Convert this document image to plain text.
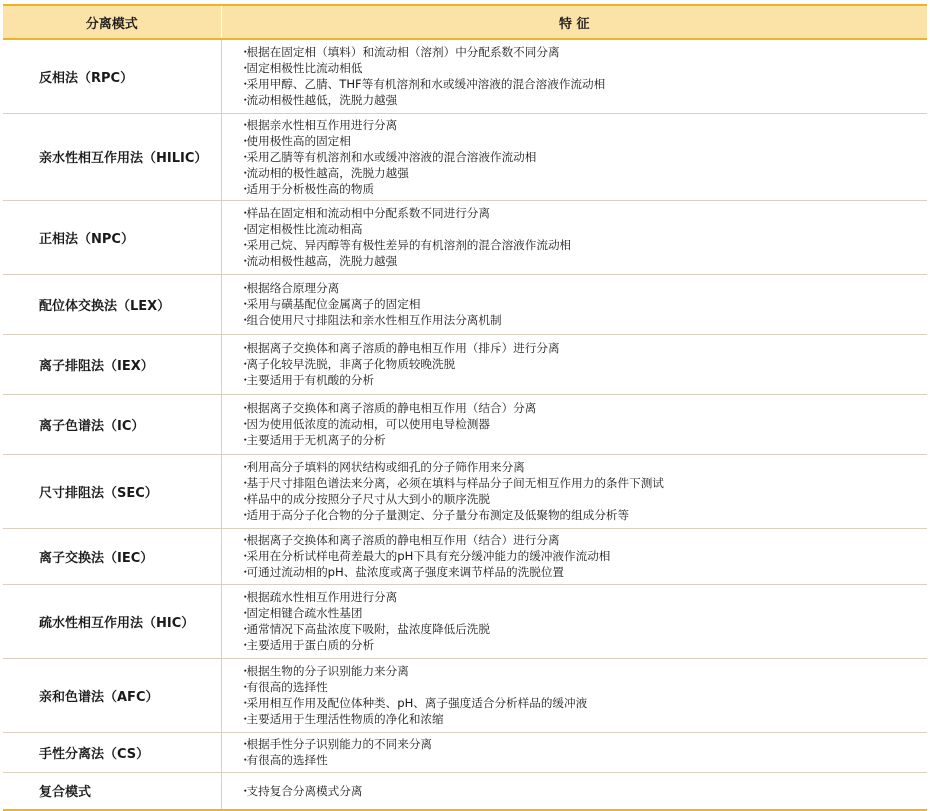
分离模式	特 征
反相法（RPC）	・ 根据在固定相（填料）和流动相（溶剂）中分配系数不同分离
・ 固定相极性比流动相低
・ 采用甲醇、乙腈、THF等有机溶剂和水或缓冲溶液的混合溶液作流动相
・ 流动相极性越低，洗脱力越强

亲水性相互作用法（HILIC）	・ 根据亲水性相互作用进行分离
・ 使用极性高的固定相
・ 采用乙腈等有机溶剂和水或缓冲溶液的混合溶液作流动相
・ 流动相的极性越高，洗脱力越强
・ 适用于分析极性高的物质

正相法（NPC）	・ 样品在固定相和流动相中分配系数不同进行分离
・ 固定相极性比流动相高
・ 采用己烷、异丙醇等有极性差异的有机溶剂的混合溶液作流动相
・ 流动相极性越高，洗脱力越强

配位体交换法（LEX）	・ 根据络合原理分离
・ 采用与磺基配位金属离子的固定相
・ 组合使用尺寸排阻法和亲水性相互作用法分离机制

离子排阻法（IEX）	・ 根据离子交换体和离子溶质的静电相互作用（排斥）进行分离
・ 离子化较早洗脱，非离子化物质较晚洗脱
・ 主要适用于有机酸的分析

离子色谱法（IC）	・ 根据离子交换体和离子溶质的静电相互作用（结合）分离
・ 因为使用低浓度的流动相，可以使用电导检测器
・ 主要适用于无机离子的分析

尺寸排阻法（SEC）	・ 利用高分子填料的网状结构或细孔的分子筛作用来分离
・ 基于尺寸排阻色谱法来分离，必须在填料与样品分子间无相互作用力的条件下测试
・ 样品中的成分按照分子尺寸从大到小的顺序洗脱
・ 适用于高分子化合物的分子量测定、分子量分布测定及低聚物的组成分析等

离子交换法（IEC）	・ 根据离子交换体和离子溶质的静电相互作用（结合）进行分离
・ 采用在分析试样电荷差最大的pH下具有充分缓冲能力的缓冲液作流动相
・ 可通过流动相的pH、盐浓度或离子强度来调节样品的洗脱位置

疏水性相互作用法（HIC）	・ 根据疏水性相互作用进行分离
・ 固定相键合疏水性基团
・ 通常情况下高盐浓度下吸附，盐浓度降低后洗脱
・ 主要适用于蛋白质的分析

亲和色谱法（AFC）	・ 根据生物的分子识别能力来分离
・ 有很高的选择性
・ 采用相互作用及配位体种类、pH、离子强度适合分析样品的缓冲液
・ 主要适用于生理活性物质的净化和浓缩

手性分离法（CS）	・ 根据手性分子识别能力的不同来分离
・ 有很高的选择性

复合模式	・ 支持复合分离模式分离
